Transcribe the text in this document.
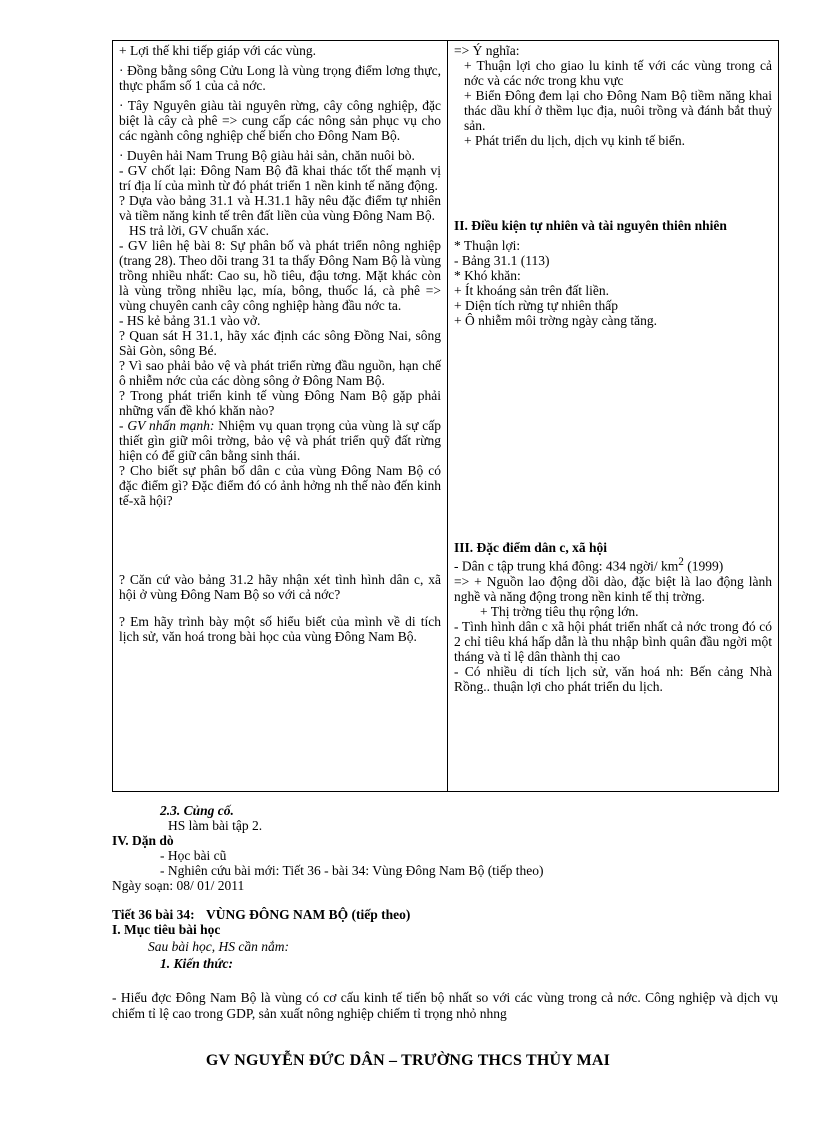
+ Lợi thế khi tiếp giáp với các vùng.

· Đồng bằng sông Cửu Long là vùng trọng điểm lơng thực, thực phẩm số 1 của cả nớc.

· Tây Nguyên giàu tài nguyên rừng, cây công nghiệp, đặc biệt là cây cà phê => cung cấp các nông sản phục vụ cho các ngành công nghiệp chế biến cho Đông Nam Bộ.

· Duyên hải Nam Trung Bộ giàu hải sản, chăn nuôi bò.

- GV chốt lại: Đông Nam Bộ đã khai thác tốt thế mạnh vị trí địa lí của mình từ đó phát triển 1 nền kinh tế năng động.

? Dựa vào bảng 31.1 và H.31.1 hãy nêu đặc điểm tự nhiên và tiềm năng kinh tế trên đất liền của vùng Đông Nam Bộ.

HS trả lời, GV chuẩn xác.

- GV liên hệ bài 8: Sự phân bố và phát triển nông nghiệp (trang 28). Theo dõi trang 31 ta thấy Đông Nam Bộ là vùng trồng nhiều nhất: Cao su, hồ tiêu, đậu tơng. Mặt khác còn là vùng trồng nhiều lạc, mía, bông, thuốc lá, cà phê => vùng chuyên canh cây công nghiệp hàng đầu nớc ta.

- HS kẻ bảng 31.1 vào vở.

? Quan sát H 31.1, hãy xác định các sông Đồng Nai, sông Sài Gòn, sông Bé.

? Vì sao phải bảo vệ và phát triển rừng đầu nguồn, hạn chế ô nhiễm nớc của các dòng sông ở Đông Nam Bộ.

? Trong phát triển kinh tế vùng Đông Nam Bộ gặp phải những vấn đề khó khăn nào?

- GV nhấn mạnh: Nhiệm vụ quan trọng của vùng là sự cấp thiết gìn giữ môi trờng, bảo vệ và phát triển quỹ đất rừng hiện có để giữ cân bằng sinh thái.

? Cho biết sự phân bố dân c của vùng Đông Nam Bộ có đặc điểm gì? Đặc điểm đó có ảnh hởng nh thế nào đến kinh tế-xã hội?

? Căn cứ vào bảng 31.2 hãy nhận xét tình hình dân c, xã hội ở vùng Đông Nam Bộ so với cả nớc?

? Em hãy trình bày một số hiểu biết của mình về di tích lịch sử, văn hoá trong bài học của vùng Đông Nam Bộ.

=> Ý nghĩa:

+ Thuận lợi cho giao lu kinh tế với các vùng trong cả nớc và các nớc trong khu vực

+ Biển Đông đem lại cho Đông Nam Bộ tiềm năng khai thác dầu khí ở thềm lục địa, nuôi trồng và đánh bắt thuỷ sản.

+ Phát triển du lịch, dịch vụ kinh tế biển.

II. Điều kiện tự nhiên và tài nguyên thiên nhiên

* Thuận lợi:

- Bảng 31.1 (113)

* Khó khăn:

+ Ít khoáng sản trên đất liền.

+ Diện tích rừng tự nhiên thấp

+ Ô nhiễm môi trờng ngày càng tăng.

III. Đặc điểm dân c, xã hội

- Dân c tập trung khá đông: 434 ngời/ $km^2$ (1999)

=> + Nguồn lao động dồi dào, đặc biệt là lao động lành nghề và năng động trong nền kinh tế thị trờng.

+ Thị trờng tiêu thụ rộng lớn.

- Tình hình dân c xã hội phát triển nhất cả nớc trong đó có 2 chỉ tiêu khá hấp dẫn là thu nhập bình quân đầu ngời một tháng và tỉ lệ dân thành thị cao

- Có nhiều di tích lịch sử, văn hoá nh: Bến cảng Nhà Rồng.. thuận lợi cho phát triển du lịch.

2.3. Củng cố.
HS làm bài tập 2.
IV. Dặn dò
- Học bài cũ
- Nghiên cứu bài mới: Tiết 36 - bài 34: Vùng Đông Nam Bộ (tiếp theo)
Ngày soạn: 08/ 01/ 2011
Tiết 36 bài 34: VÙNG ĐÔNG NAM BỘ (tiếp theo)
I. Mục tiêu bài học
Sau bài học, HS cần nắm:
1. Kiến thức:
- Hiểu đợc Đông Nam Bộ là vùng có cơ cấu kinh tế tiến bộ nhất so với các vùng trong cả nớc. Công nghiệp và dịch vụ chiếm tỉ lệ cao trong GDP, sản xuất nông nghiệp chiếm tỉ trọng nhỏ nhng
GV NGUYỄN ĐỨC DÂN – TRƯỜNG THCS THỦY MAI
